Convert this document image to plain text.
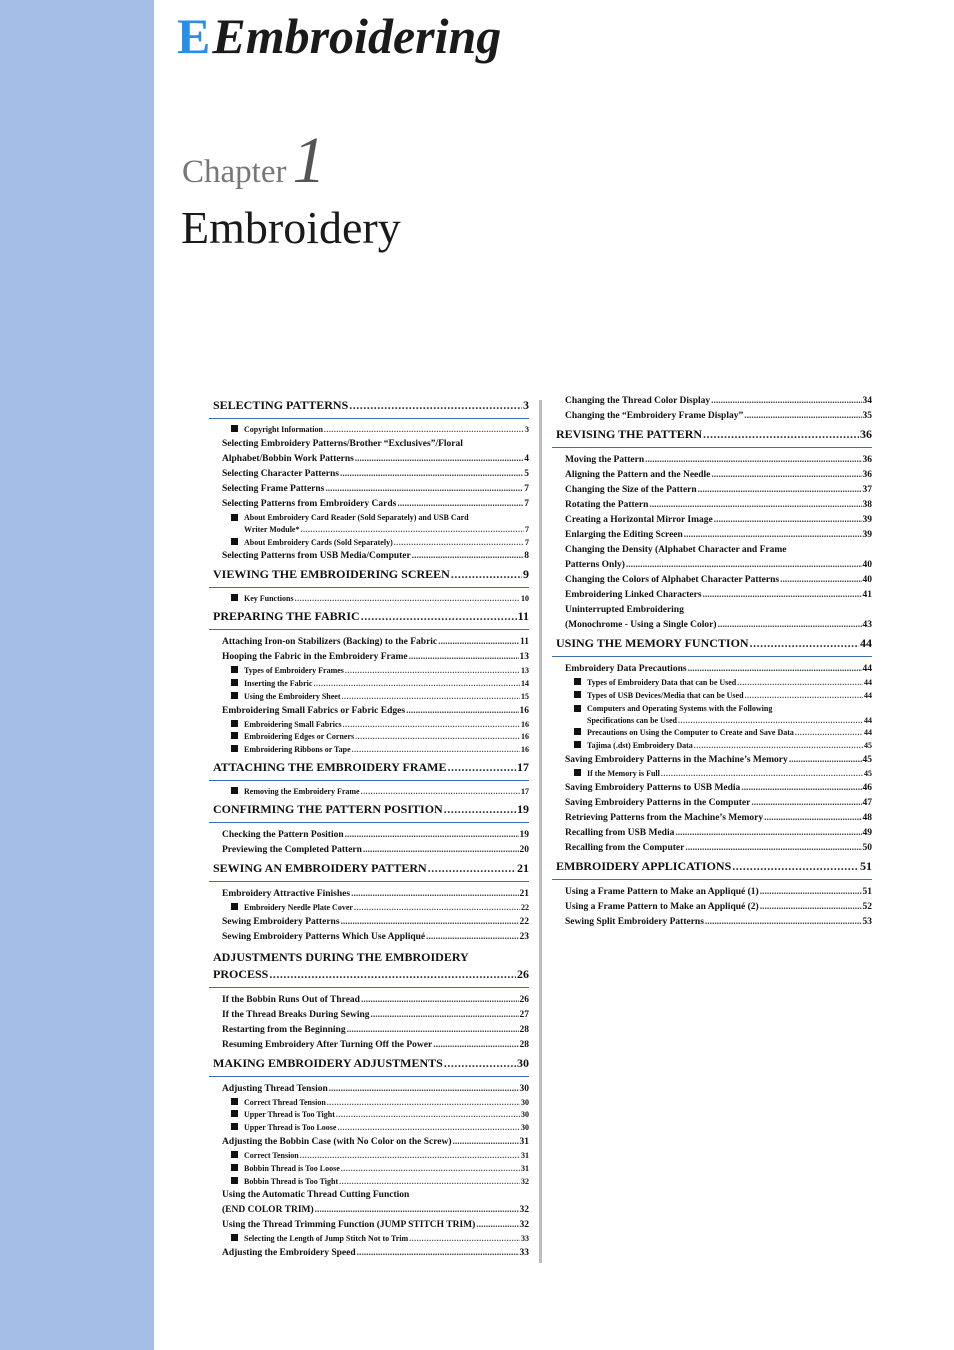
EEmbroidering
Chapter1
Embroidery
SELECTING PATTERNS .....	3
Copyright Information .....	3
Selecting Embroidery Patterns/Brother “Exclusives”/Floral
Alphabet/Bobbin Work Patterns .....	4
Selecting Character Patterns .....	5
Selecting Frame Patterns .....	7
Selecting Patterns from Embroidery Cards .....	7
About Embroidery Card Reader (Sold Separately) and USB Card
Writer Module* .....	7
About Embroidery Cards (Sold Separately) .....	7
Selecting Patterns from USB Media/Computer .....	8
VIEWING THE EMBROIDERING SCREEN .....	9
Key Functions .....	10
PREPARING THE FABRIC .....	11
Attaching Iron-on Stabilizers (Backing) to the Fabric .....	11
Hooping the Fabric in the Embroidery Frame .....	13
Types of Embroidery Frames .....	13
Inserting the Fabric .....	14
Using the Embroidery Sheet .....	15
Embroidering Small Fabrics or Fabric Edges .....	16
Embroidering Small Fabrics .....	16
Embroidering Edges or Corners .....	16
Embroidering Ribbons or Tape .....	16
ATTACHING THE EMBROIDERY FRAME .....	17
Removing the Embroidery Frame .....	17
CONFIRMING THE PATTERN POSITION .....	19
Checking the Pattern Position .....	19
Previewing the Completed Pattern .....	20
SEWING AN EMBROIDERY PATTERN .....	21
Embroidery Attractive Finishes .....	21
Embroidery Needle Plate Cover .....	22
Sewing Embroidery Patterns .....	22
Sewing Embroidery Patterns Which Use Appliqué .....	23
ADJUSTMENTS DURING THE EMBROIDERY
PROCESS .....	26
If the Bobbin Runs Out of Thread .....	26
If the Thread Breaks During Sewing .....	27
Restarting from the Beginning .....	28
Resuming Embroidery After Turning Off the Power .....	28
MAKING EMBROIDERY ADJUSTMENTS .....	30
Adjusting Thread Tension .....	30
Correct Thread Tension .....	30
Upper Thread is Too Tight .....	30
Upper Thread is Too Loose .....	30
Adjusting the Bobbin Case (with No Color on the Screw) .....	31
Correct Tension .....	31
Bobbin Thread is Too Loose .....	31
Bobbin Thread is Too Tight .....	32
Using the Automatic Thread Cutting Function
(END COLOR TRIM) .....	32
Using the Thread Trimming Function (JUMP STITCH TRIM) .....	32
Selecting the Length of Jump Stitch Not to Trim .....	33
Adjusting the Embroidery Speed .....	33
Changing the Thread Color Display .....	34
Changing the “Embroidery Frame Display” .....	35
REVISING THE PATTERN .....	36
Moving the Pattern .....	36
Aligning the Pattern and the Needle .....	36
Changing the Size of the Pattern .....	37
Rotating the Pattern .....	38
Creating a Horizontal Mirror Image .....	39
Enlarging the Editing Screen .....	39
Changing the Density (Alphabet Character and Frame
Patterns Only) .....	40
Changing the Colors of Alphabet Character Patterns .....	40
Embroidering Linked Characters .....	41
Uninterrupted Embroidering
(Monochrome - Using a Single Color) .....	43
USING THE MEMORY FUNCTION .....	44
Embroidery Data Precautions .....	44
Types of Embroidery Data that can be Used .....	44
Types of USB Devices/Media that can be Used .....	44
Computers and Operating Systems with the Following
Specifications can be Used .....	44
Precautions on Using the Computer to Create and Save Data .....	44
Tajima (.dst) Embroidery Data .....	45
Saving Embroidery Patterns in the Machine’s Memory .....	45
If the Memory is Full .....	45
Saving Embroidery Patterns to USB Media .....	46
Saving Embroidery Patterns in the Computer .....	47
Retrieving Patterns from the Machine’s Memory .....	48
Recalling from USB Media .....	49
Recalling from the Computer .....	50
EMBROIDERY APPLICATIONS .....	51
Using a Frame Pattern to Make an Appliqué (1) .....	51
Using a Frame Pattern to Make an Appliqué (2) .....	52
Sewing Split Embroidery Patterns .....	53
